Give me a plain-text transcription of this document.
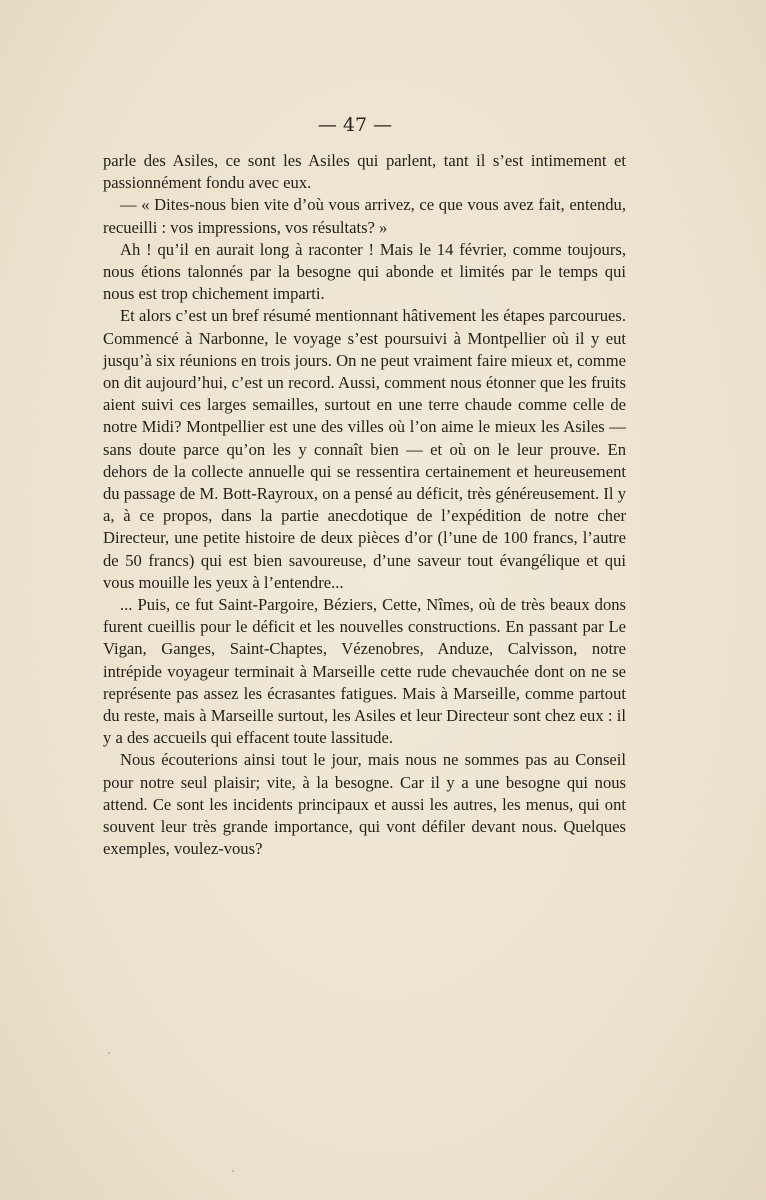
— 47 —

parle des Asiles, ce sont les Asiles qui parlent, tant il s’est intimement et passionnément fondu avec eux.

— « Dites-nous bien vite d’où vous arrivez, ce que vous avez fait, entendu, recueilli : vos impressions, vos résultats? »

Ah ! qu’il en aurait long à raconter ! Mais le 14 février, comme toujours, nous étions talonnés par la besogne qui abonde et limités par le temps qui nous est trop chichement imparti.

Et alors c’est un bref résumé mentionnant hâtivement les étapes parcourues. Commencé à Narbonne, le voyage s’est poursuivi à Montpellier où il y eut jusqu’à six réunions en trois jours. On ne peut vraiment faire mieux et, comme on dit aujourd’hui, c’est un record. Aussi, comment nous étonner que les fruits aient suivi ces larges semailles, surtout en une terre chaude comme celle de notre Midi? Montpellier est une des villes où l’on aime le mieux les Asiles — sans doute parce qu’on les y connaît bien — et où on le leur prouve. En dehors de la collecte annuelle qui se ressentira certainement et heureusement du passage de M. Bott-Rayroux, on a pensé au déficit, très généreusement. Il y a, à ce propos, dans la partie anecdotique de l’expédition de notre cher Directeur, une petite histoire de deux pièces d’or (l’une de 100 francs, l’autre de 50 francs) qui est bien savoureuse, d’une saveur tout évangélique et qui vous mouille les yeux à l’entendre...

... Puis, ce fut Saint-Pargoire, Béziers, Cette, Nîmes, où de très beaux dons furent cueillis pour le déficit et les nouvelles constructions. En passant par Le Vigan, Ganges, Saint-Chaptes, Vézenobres, Anduze, Calvisson, notre intrépide voyageur terminait à Marseille cette rude chevauchée dont on ne se représente pas assez les écrasantes fatigues. Mais à Marseille, comme partout du reste, mais à Marseille surtout, les Asiles et leur Directeur sont chez eux : il y a des accueils qui effacent toute lassitude.

Nous écouterions ainsi tout le jour, mais nous ne sommes pas au Conseil pour notre seul plaisir; vite, à la besogne. Car il y a une besogne qui nous attend. Ce sont les incidents principaux et aussi les autres, les menus, qui ont souvent leur très grande importance, qui vont défiler devant nous. Quelques exemples, voulez-vous?
